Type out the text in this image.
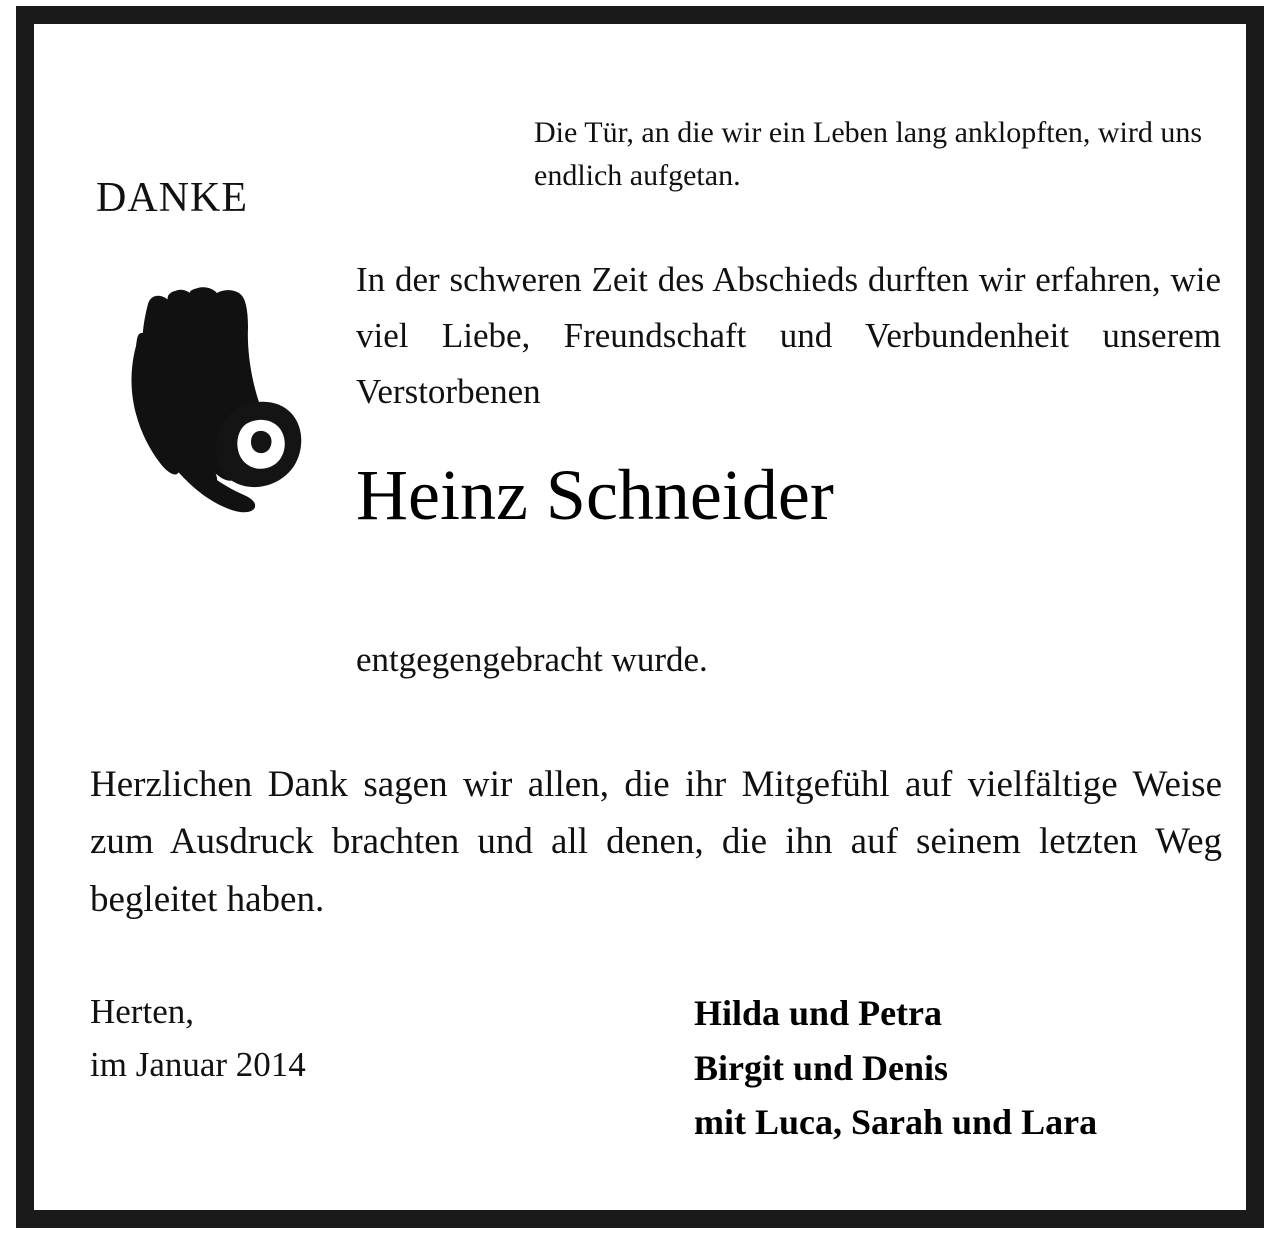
DANKE
Die Tür, an die wir ein Leben lang anklopften, wird uns endlich aufgetan.
In der schweren Zeit des Abschieds durften wir erfahren, wie viel Liebe, Freundschaft und Verbundenheit unserem Verstorbenen
Heinz Schneider
entgegengebracht wurde.
Herzlichen Dank sagen wir allen, die ihr Mitgefühl auf vielfältige Weise zum Ausdruck brachten und all denen, die ihn auf seinem letzten Weg begleitet haben.
Herten,
im Januar 2014
Hilda und Petra
Birgit und Denis
mit Luca, Sarah und Lara
